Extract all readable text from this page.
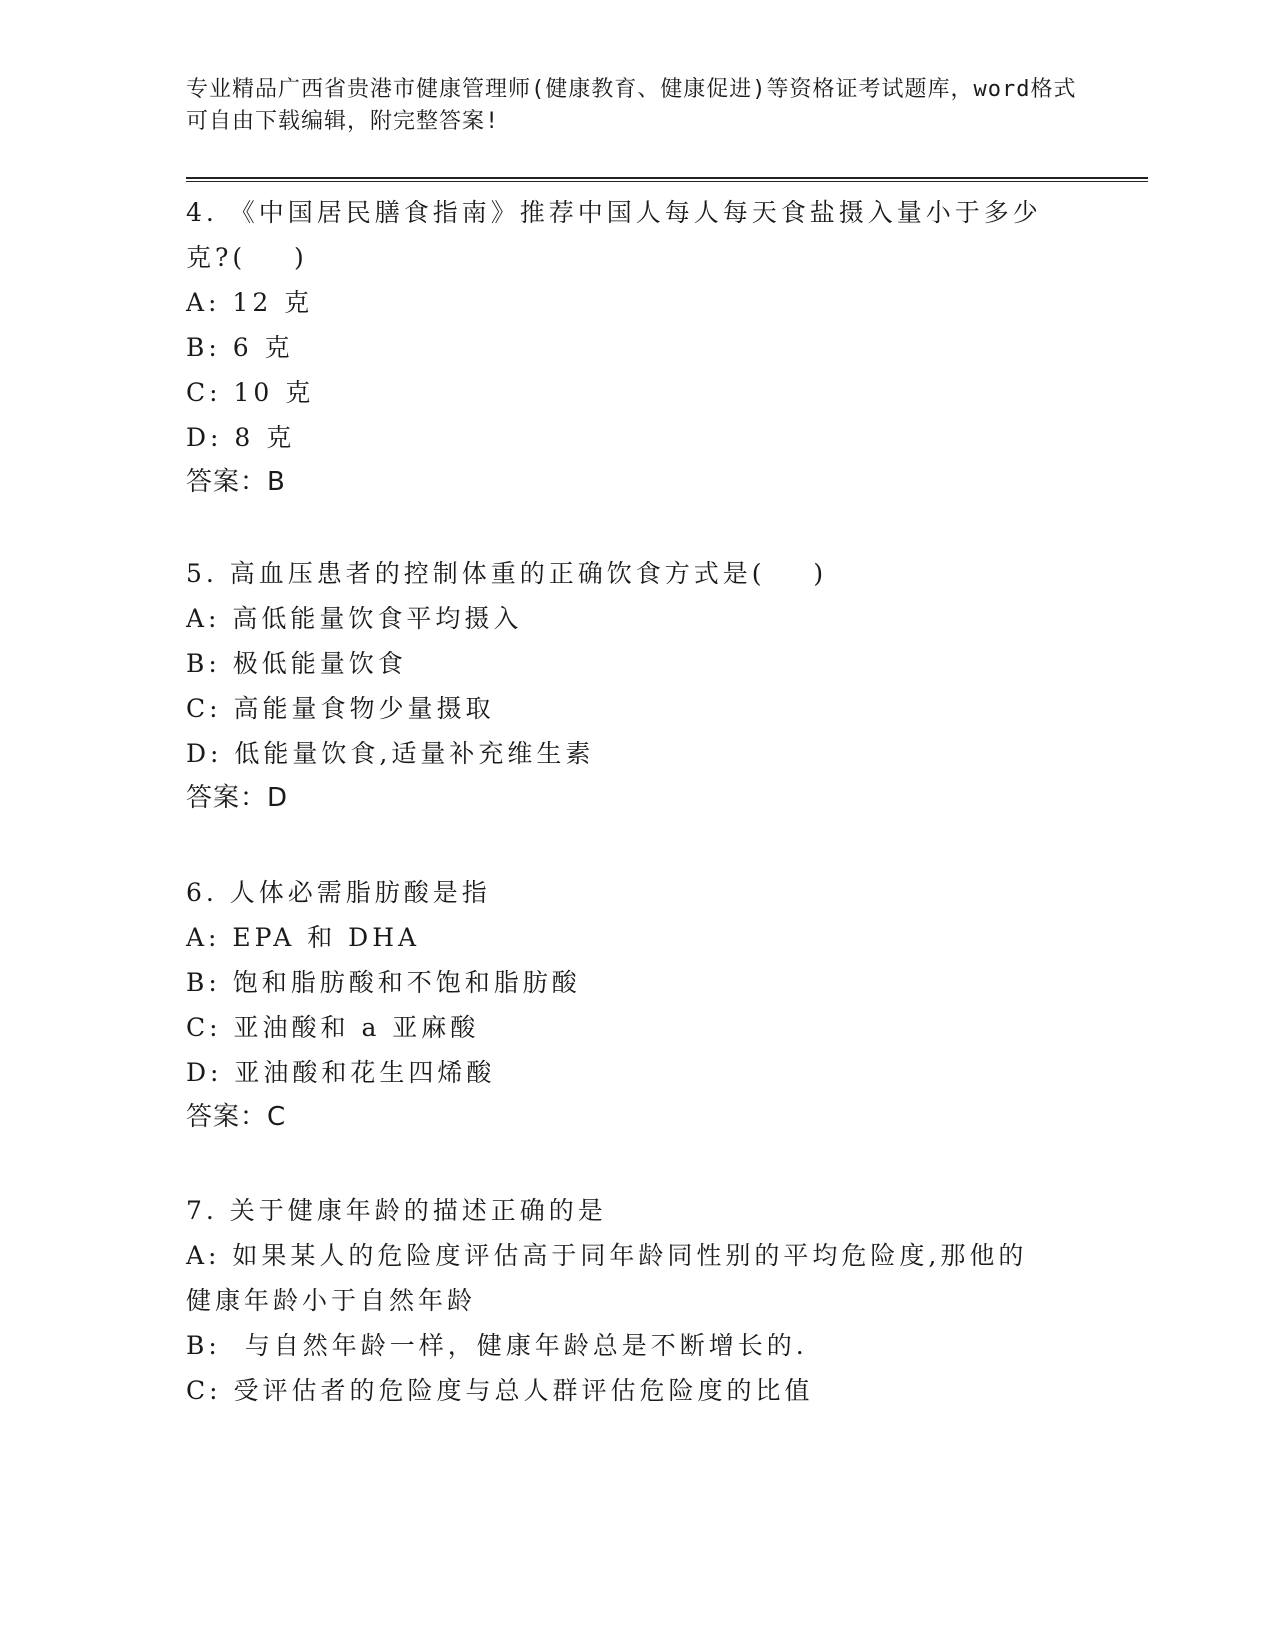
专业精品广西省贵港市健康管理师(健康教育、健康促进)等资格证考试题库，word格式可自由下载编辑，附完整答案!
4. 《中国居民膳食指南》推荐中国人每人每天食盐摄入量小于多少克?(    )
A: 12 克
B: 6 克
C: 10 克
D: 8 克
答案：B
5. 高血压患者的控制体重的正确饮食方式是(    )
A: 高低能量饮食平均摄入
B: 极低能量饮食
C: 高能量食物少量摄取
D: 低能量饮食,适量补充维生素
答案：D
6. 人体必需脂肪酸是指
A: EPA 和 DHA
B: 饱和脂肪酸和不饱和脂肪酸
C: 亚油酸和 a 亚麻酸
D: 亚油酸和花生四烯酸
答案：C
7. 关于健康年龄的描述正确的是
A: 如果某人的危险度评估高于同年龄同性别的平均危险度,那他的健康年龄小于自然年龄
B:  与自然年龄一样，健康年龄总是不断增长的.
C: 受评估者的危险度与总人群评估危险度的比值
